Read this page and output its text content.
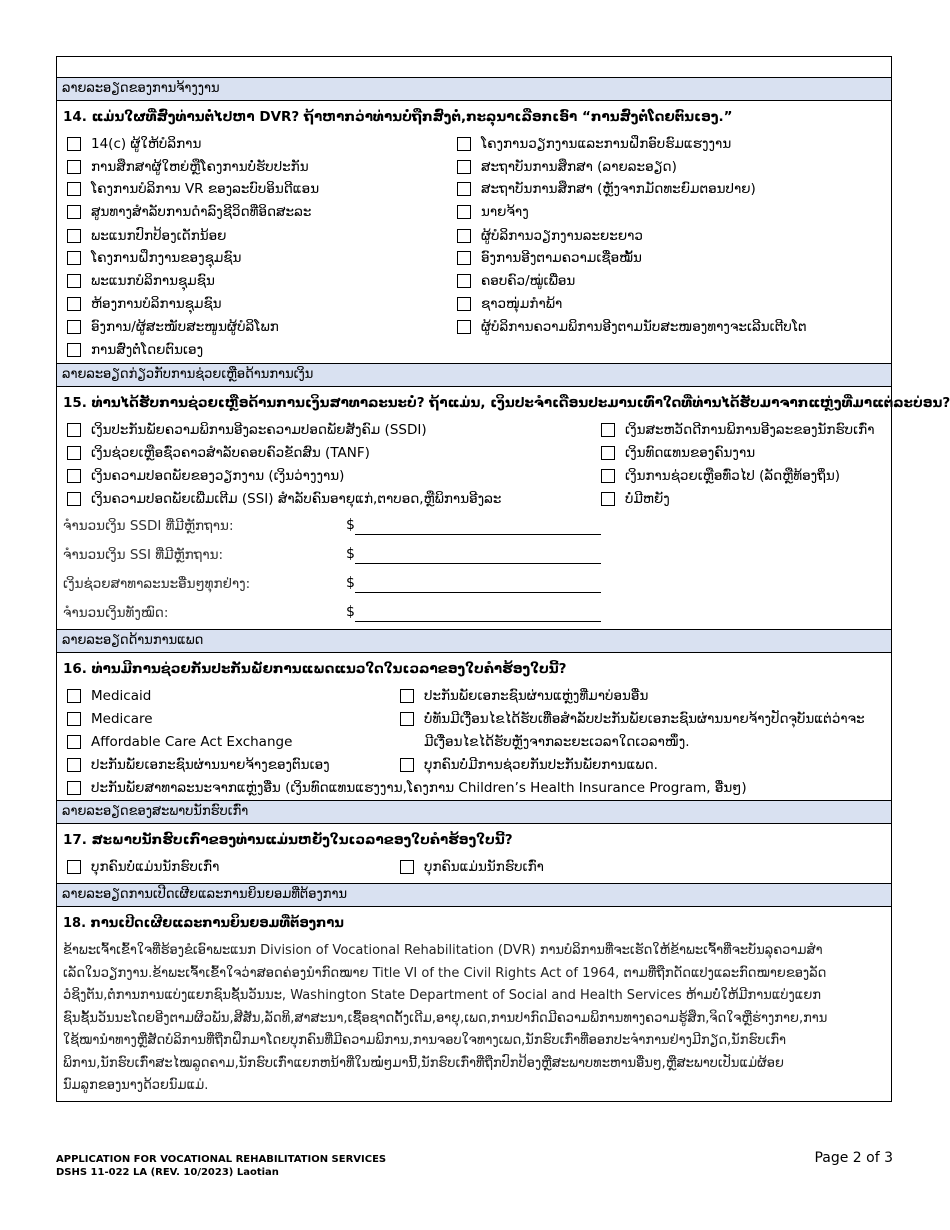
ລາຍລະອຽດຂອງການຈ້າງງານ
14. ແມ່ນໃຜທີ່ສົ່ງທ່ານຕໍ່ໄປຫາ DVR? ຖ້າຫາກວ່າທ່ານບໍ່ຖືກສົ່ງຕໍ່,ກະລຸນາເລືອກເອົາ “ການສົ່ງຕໍ່ໂດຍຕົນເອງ.”
14(c) ຜູ້ໃຫ້ບໍລິການ
ການສຶກສາຜູ້ໃຫຍ່ຫຼືໂຄງການບໍ່ຮັບປະກັນ
ໂຄງການບໍລິການ VR ຂອງລະບົບອິນດີແອນ
ສູນທາງສໍາລັບການດໍາລົງຊີວິດທີ່ອິດສະລະ
ພະແນກປົກປ້ອງເດັກນ້ອຍ
ໂຄງການຝຶກງານຂອງຊຸມຊົນ
ພະແນກບໍລິການຊຸມຊົນ
ຫ້ອງການບໍລິການຊຸມຊົນ
ອົງການ/ຜູ້ສະໜັບສະໜູນຜູ້ບໍລິໂພກ
ການສົ່ງຕໍ່ໂດຍຕົນເອງ
ໂຄງການວຽກງານແລະການຝຶກອົບຮົມແຮງງານ
ສະຖາບັນການສຶກສາ (ລາຍລະອຽດ)
ສະຖາບັນການສຶກສາ (ຫຼັງຈາກມັດທະຍົມຕອນປາຍ)
ນາຍຈ້າງ
ຜູ້ບໍລິການວຽກງານລະຍະຍາວ
ອົງການອີງຕາມຄວາມເຊື່ອໝັ້ນ
ຄອບຄົວ/ໝູ່ເພື່ອນ
ຊາວໜຸ່ມກໍາພ້າ
ຜູ້ບໍລິການຄວາມພິການອີງຕາມນັບສະໜອງທາງຈະເລີນເຕີບໂຕ
ລາຍລະອຽດກ່ຽວກັບການຊ່ວຍເຫຼືອດ້ານການເງິນ
15. ທ່ານໄດ້ຮັບການຊ່ວຍເຫຼືອດ້ານການເງິນສາທາລະນະບໍ່? ຖ້າແມ່ນ, ເງິນປະຈໍາເດືອນປະມານເທົ່າໃດທີ່ທ່ານໄດ້ຮັບມາຈາກແຫຼ່ງທີ່ມາແຕ່ລະບ່ອນ?
ເງິນປະກັນພັຍຄວາມພິການອີງລະຄວາມປອດພັຍສັງຄົມ (SSDI)
ເງິນຊ່ວຍເຫຼືອຊົ່ວຄາວສໍາລັບຄອບຄົວຂັດສົນ (TANF)
ເງິນຄວາມປອດພັຍຂອງວຽກງານ (ເງິນວ່າງງານ)
ເງິນຄວາມປອດພັຍເພີ່ມເຕີມ (SSI) ສໍາລັບຄົນອາຍຸແກ່,ຕາບອດ,ຫຼືພິການອີງລະ
ເງິນສະຫວັດດີການພິການອີງລະຂອງນັກຮົບເກົ່າ
ເງິນທົດແທນຂອງຄົນງານ
ເງິນການຊ່ວຍເຫຼືອທົ່ວໄປ (ລັດຫຼືທ້ອງຖິ່ນ)
ບໍ່ມີຫຍັງ
ຈໍານວນເງິນ SSDI ທີ່ມີຫຼັກຖານ:	$
ຈໍານວນເງິນ SSI ທີ່ມີຫຼັກຖານ:	$
ເງິນຊ່ວຍສາທາລະນະອື່ນໆທຸກຢ່າງ:	$
ຈໍານວນເງິນທັງໝົດ:	$
ລາຍລະອຽດດ້ານການແພດ
16. ທ່ານມີການຊ່ວຍກັນປະກັນພັຍການແພດແນວໃດໃນເວລາຂອງໃບຄໍາຮ້ອງໃບນີ້?
Medicaid
Medicare
Affordable Care Act Exchange
ປະກັນພັຍເອກະຊົນຜ່ານນາຍຈ້າງຂອງຕົນເອງ
ປະກັນພັຍເອກະຊົນຜ່ານແຫຼ່ງທີ່ມາບ່ອນອື່ນ
ບໍ່ທັນມີເງື່ອນໄຂໄດ້ຮັບເທື່ອສໍາລັບປະກັນພັຍເອກະຊົນຜ່ານນາຍຈ້າງປັດຈຸບັນແຕ່ວ່າຈະ
ມີເງື່ອນໄຂໄດ້ຮັບຫຼັງຈາກລະຍະເວລາໃດເວລາໜຶ່ງ.
ບຸກຄົນບໍ່ມີການຊ່ວຍກັນປະກັນພັຍການແພດ.
ປະກັນພັຍສາທາລະນະຈາກແຫຼ່ງອື່ນ (ເງິນທົດແທນແຮງງານ,ໂຄງການ Children’s Health Insurance Program, ອື່ນໆ)
ລາຍລະອຽດຂອງສະພາບນັກຮົບເກົ່າ
17. ສະພາບນັກຮົບເກົ່າຂອງທ່ານແມ່ນຫຍັງໃນເວລາຂອງໃບຄໍາຮ້ອງໃບນີ້?
ບຸກຄົນບໍ່ແມ່ນນັກຮົບເກົ່າ	ບຸກຄົນແມ່ນນັກຮົບເກົ່າ
ລາຍລະອຽດການເປີດເຜີຍແລະການຍິນຍອມທີ່ຕ້ອງການ
18. ການເປີດເຜີຍແລະການຍິນຍອມທີ່ຕ້ອງການ
ຂ້າພະເຈົ້າເຂົ້າໃຈທີ່ຮ້ອງຂໍເອົາພະແນກ Division of Vocational Rehabilitation (DVR) ການບໍລິການທີ່ຈະເຮັດໃຫ້ຂ້າພະເຈົ້າທີ່ຈະບັນລຸຄວາມສໍາ
ເລັດໃນວຽກງານ.ຂ້າພະເຈົ້າເຂົ້າໃຈວ່າສອດຄ່ອງນໍາກົດໝາຍ Title VI of the Civil Rights Act of 1964, ຕາມທີ່ຖືກດັດແປງແລະກົດໝາຍຂອງລັດ
ວໍຊິງຕັນ,ຕໍ່ການການແບ່ງແຍກຊົນຊັ້ນວັນນະ, Washington State Department of Social and Health Services ຫ້າມບໍ່ໃຫ້ມີການແບ່ງແຍກ
ຊົນຊັ້ນວັນນະໂດຍອີງຕາມຜິວພັນ,ສີສັນ,ລັດທິ,ສາສະນາ,ເຊື້ອຊາດດັ້ງເດີມ,ອາຍຸ,ເພດ,ການປາກົດມີຄວາມພິການທາງຄວາມຮູ້ສຶກ,ຈິດໃຈຫຼືຮ່າງກາຍ,ການ
ໃຊ້ໝານໍາທາງຫຼືສັດບໍລິການທີ່ຖືກຝຶກມາໂດຍບຸກຄົນທີ່ມີຄວາມພິການ,ການຈອບໃຈທາງເພດ,ນັກຮົບເກົ່າທີ່ອອກປະຈໍາການຢ່າງມີກຽດ,ນັກຮົບເກົ່າ
ພິການ,ນັກຮົບເກົ່າສະໄໝລູດຄາມ,ນັກຮົບເກົ່າແຍກຫນ້າທີ່ໃນໝໍ່ໆມານີ້,ນັກຮົບເກົ່າທີ່ຖືກປົກປ້ອງຫຼືສະພາບທະຫານອື່ນໆ,ຫຼືສະພາບເປັນແມ່ຜ້ອຍ
ນົມລູກຂອງນາງດ້ວຍນົມແມ່.
APPLICATION FOR VOCATIONAL REHABILITATION SERVICES
DSHS 11-022 LA (REV. 10/2023) Laotian
Page 2 of 3
